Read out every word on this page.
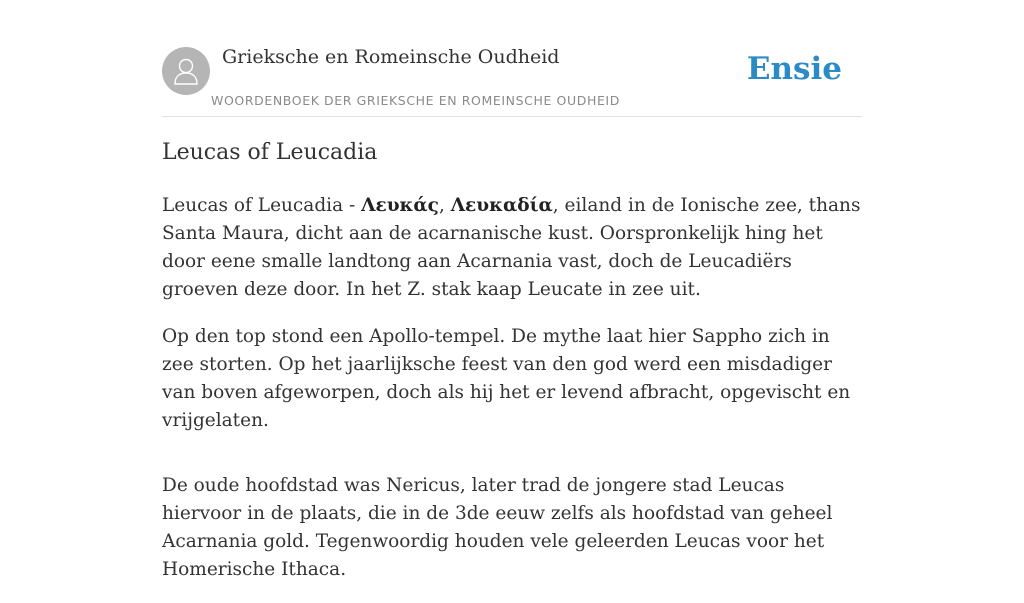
Grieksche en Romeinsche Oudheid
WOORDENBOEK DER GRIEKSCHE EN ROMEINSCHE OUDHEID
Ensie
Leucas of Leucadia

Leucas of Leucadia - Λευκάς, Λευκαδία, eiland in de Ionische zee, thans Santa Maura, dicht aan de acarnanische kust. Oorspronkelijk hing het door eene smalle landtong aan Acarnania vast, doch de Leucadiërs groeven deze door. In het Z. stak kaap Leucate in zee uit.

Op den top stond een Apollo-tempel. De mythe laat hier Sappho zich in zee storten. Op het jaarlijksche feest van den god werd een misdadiger van boven afgeworpen, doch als hij het er levend afbracht, opgevischt en vrijgelaten.

De oude hoofdstad was Nericus, later trad de jongere stad Leucas hiervoor in de plaats, die in de 3de eeuw zelfs als hoofdstad van geheel Acarnania gold. Tegenwoordig houden vele geleerden Leucas voor het Homerische Ithaca.
